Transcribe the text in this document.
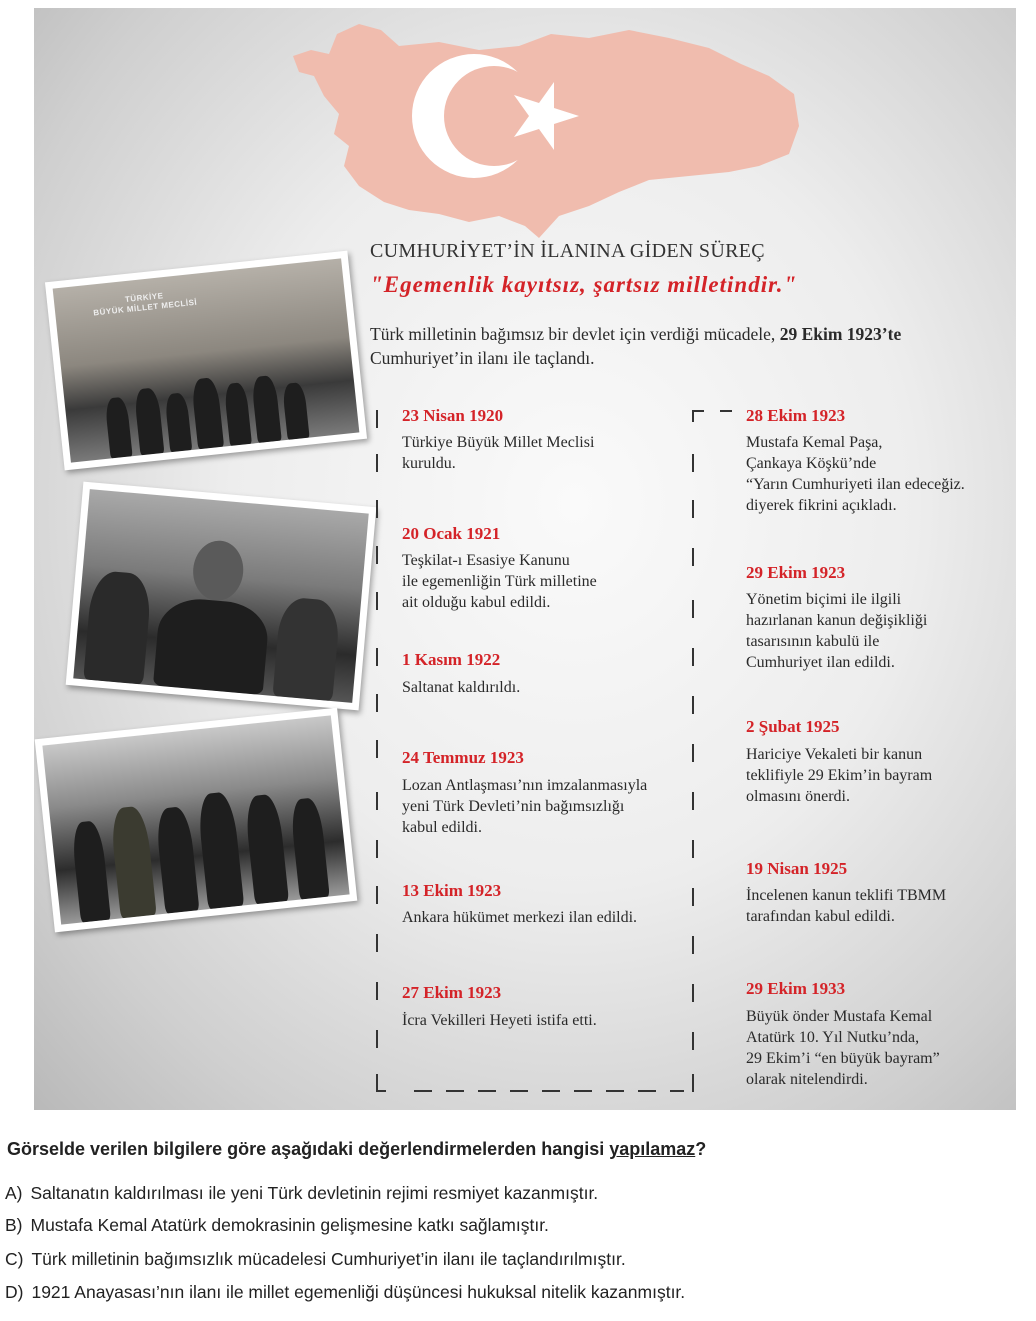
CUMHURİYET’İN İLANINA GİDEN SÜREÇ
"Egemenlik kayıtsız, şartsız milletindir."
Türk milletinin bağımsız bir devlet için verdiği mücadele, 29 Ekim 1923’te Cumhuriyet’in ilanı ile taçlandı.
TÜRKİYE
BÜYÜK MİLLET MECLİSİ
23 Nisan 1920
Türkiye Büyük Millet Meclisi
kuruldu.
20 Ocak 1921
Teşkilat-ı Esasiye Kanunu
ile egemenliğin Türk milletine
ait olduğu kabul edildi.
1 Kasım 1922
Saltanat kaldırıldı.
24 Temmuz 1923
Lozan Antlaşması’nın imzalanmasıyla
yeni Türk Devleti’nin bağımsızlığı
kabul edildi.
13 Ekim 1923
Ankara hükümet merkezi ilan edildi.
27 Ekim 1923
İcra Vekilleri Heyeti istifa etti.
28 Ekim 1923
Mustafa Kemal Paşa,
Çankaya Köşkü’nde
“Yarın Cumhuriyeti ilan edeceğiz.
diyerek fikrini açıkladı.
29 Ekim 1923
Yönetim biçimi ile ilgili
hazırlanan kanun değişikliği
tasarısının kabulü ile
Cumhuriyet ilan edildi.
2 Şubat 1925
Hariciye Vekaleti bir kanun
teklifiyle 29 Ekim’in bayram
olmasını önerdi.
19 Nisan 1925
İncelenen kanun teklifi TBMM
tarafından kabul edildi.
29 Ekim 1933
Büyük önder Mustafa Kemal
Atatürk 10. Yıl Nutku’nda,
29 Ekim’i “en büyük bayram”
olarak nitelendirdi.
Görselde verilen bilgilere göre aşağıdaki değerlendirmelerden hangisi yapılamaz?
A) Saltanatın kaldırılması ile yeni Türk devletinin rejimi resmiyet kazanmıştır.
B) Mustafa Kemal Atatürk demokrasinin gelişmesine katkı sağlamıştır.
C) Türk milletinin bağımsızlık mücadelesi Cumhuriyet’in ilanı ile taçlandırılmıştır.
D) 1921 Anayasası’nın ilanı ile millet egemenliği düşüncesi hukuksal nitelik kazanmıştır.
